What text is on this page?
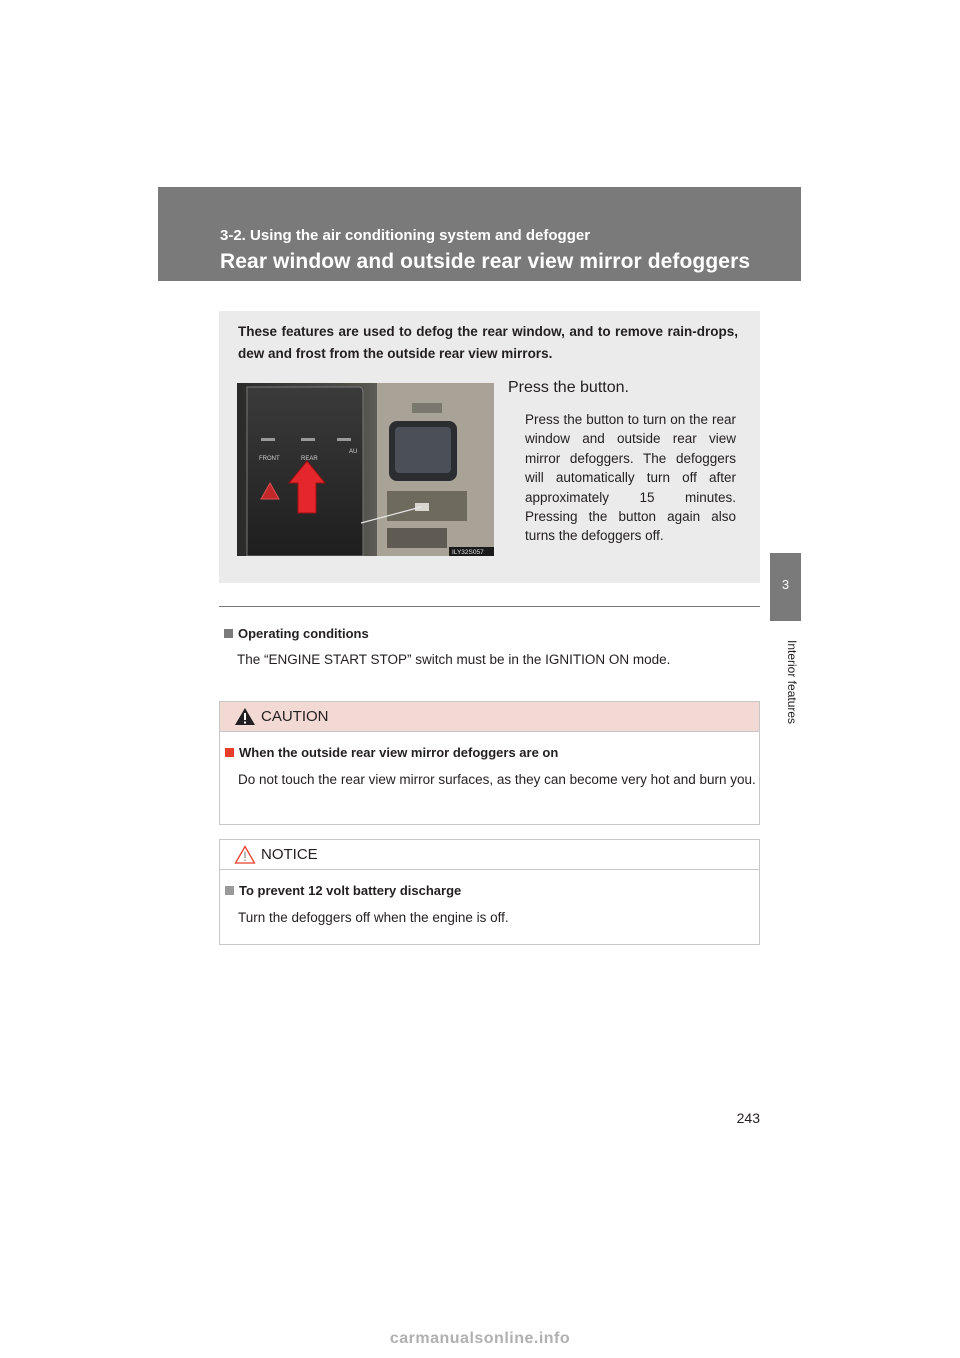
3-2. Using the air conditioning system and defogger
Rear window and outside rear view mirror defoggers
3
Interior features
These features are used to defog the rear window, and to remove rain-drops, dew and frost from the outside rear view mirrors.
FRONT	REAR
AU
ILY32S057
Press the button.
Press the button to turn on the rear window and outside rear view mirror defoggers. The defoggers will automatically turn off after approximately 15 minutes. Pressing the button again also turns the defoggers off.
Operating conditions
The “ENGINE START STOP” switch must be in the IGNITION ON mode.
CAUTION
When the outside rear view mirror defoggers are on
Do not touch the rear view mirror surfaces, as they can become very hot and burn you.
NOTICE
To prevent 12 volt battery discharge
Turn the defoggers off when the engine is off.
243
carmanualsonline.info
